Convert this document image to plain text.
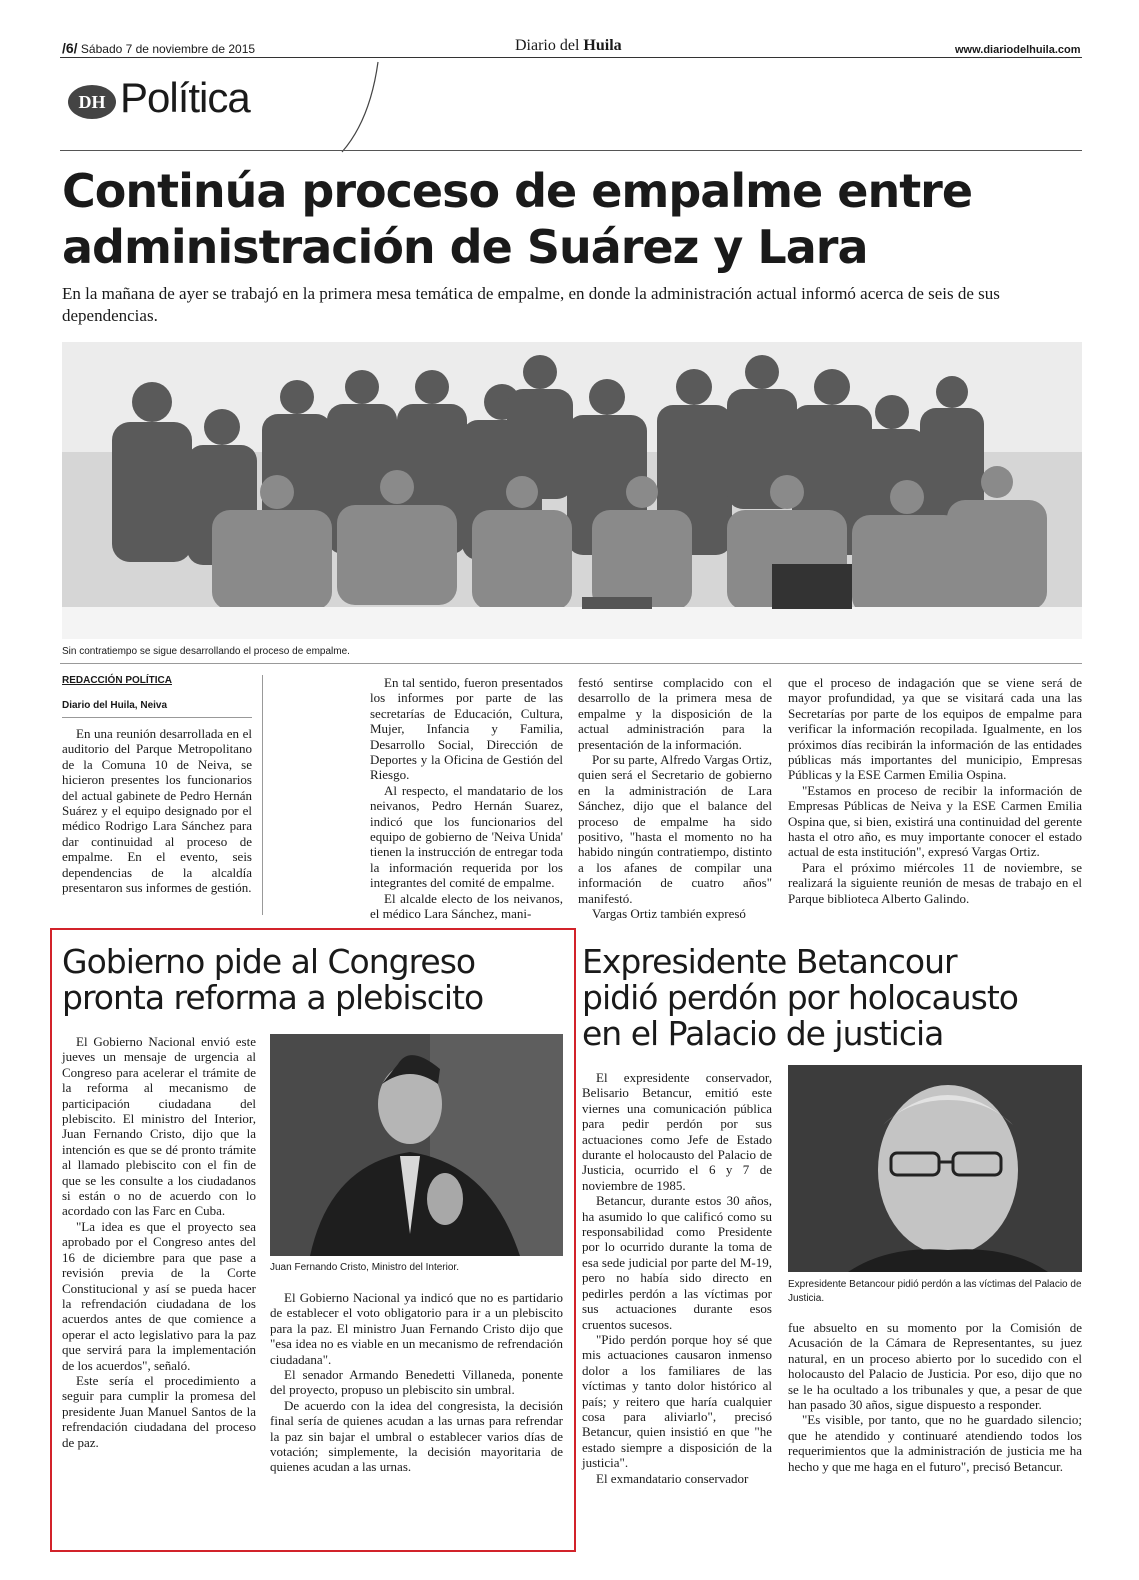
/6/ Sábado 7 de noviembre de 2015	Diario del Huila	www.diariodelhuila.com
DH Política
Continúa proceso de empalme entre
administración de Suárez y Lara
En la mañana de ayer se trabajó en la primera mesa temática de empalme, en donde la administración actual informó acerca de seis de sus dependencias.
Sin contratiempo se sigue desarrollando el proceso de empalme.
REDACCIÓN POLÍTICA
Diario del Huila, Neiva

En una reunión desarrollada en el auditorio del Parque Metropolitano de la Comuna 10 de Neiva, se hicieron presentes los funcionarios del actual gabinete de Pedro Hernán Suárez y el equipo designado por el médico Rodrigo Lara Sánchez para dar continuidad al proceso de empalme. En el evento, seis dependencias de la alcaldía presentaron sus informes de gestión.

En tal sentido, fueron presentados los informes por parte de las secretarías de Educación, Cultura, Mujer, Infancia y Familia, Desarrollo Social, Dirección de Deportes y la Oficina de Gestión del Riesgo.

Al respecto, el mandatario de los neivanos, Pedro Hernán Suarez, indicó que los funcionarios del equipo de gobierno de 'Neiva Unida' tienen la instrucción de entregar toda la información requerida por los integrantes del comité de empalme.

El alcalde electo de los neivanos, el médico Lara Sánchez, mani-

festó sentirse complacido con el desarrollo de la primera mesa de empalme y la disposición de la actual administración para la presentación de la información.

Por su parte, Alfredo Vargas Ortiz, quien será el Secretario de gobierno en la administración de Lara Sánchez, dijo que el balance del proceso de empalme ha sido positivo, "hasta el momento no ha habido ningún contratiempo, distinto a los afanes de compilar una información de cuatro años" manifestó.

Vargas Ortiz también expresó

que el proceso de indagación que se viene será de mayor profundidad, ya que se visitará cada una las Secretarías por parte de los equipos de empalme para verificar la información recopilada. Igualmente, en los próximos días recibirán la información de las entidades públicas más importantes del municipio, Empresas Públicas y la ESE Carmen Emilia Ospina.

"Estamos en proceso de recibir la información de Empresas Públicas de Neiva y la ESE Carmen Emilia Ospina que, si bien, existirá una continuidad del gerente hasta el otro año, es muy importante conocer el estado actual de esta institución", expresó Vargas Ortiz.

Para el próximo miércoles 11 de noviembre, se realizará la siguiente reunión de mesas de trabajo en el Parque biblioteca Alberto Galindo.

Gobierno pide al Congreso
pronta reforma a plebiscito

El Gobierno Nacional envió este jueves un mensaje de urgencia al Congreso para acelerar el trámite de la reforma al mecanismo de participación ciudadana del plebiscito. El ministro del Interior, Juan Fernando Cristo, dijo que la intención es que se dé pronto trámite al llamado plebiscito con el fin de que se les consulte a los ciudadanos si están o no de acuerdo con lo acordado con las Farc en Cuba.

"La idea es que el proyecto sea aprobado por el Congreso antes del 16 de diciembre para que pase a revisión previa de la Corte Constitucional y así se pueda hacer la refrendación ciudadana de los acuerdos antes de que comience a operar el acto legislativo para la paz que servirá para la implementación de los acuerdos", señaló.

Este sería el procedimiento a seguir para cumplir la promesa del presidente Juan Manuel Santos de la refrendación ciudadana del proceso de paz.

Juan Fernando Cristo, Ministro del Interior.

El Gobierno Nacional ya indicó que no es partidario de establecer el voto obligatorio para ir a un plebiscito para la paz. El ministro Juan Fernando Cristo dijo que "esa idea no es viable en un mecanismo de refrendación ciudadana".

El senador Armando Benedetti Villaneda, ponente del proyecto, propuso un plebiscito sin umbral.

De acuerdo con la idea del congresista, la decisión final sería de quienes acudan a las urnas para refrendar la paz sin bajar el umbral o establecer varios días de votación; simplemente, la decisión mayoritaria de quienes acudan a las urnas.

Expresidente Betancour
pidió perdón por holocausto
en el Palacio de justicia

El expresidente conservador, Belisario Betancur, emitió este viernes una comunicación pública para pedir perdón por sus actuaciones como Jefe de Estado durante el holocausto del Palacio de Justicia, ocurrido el 6 y 7 de noviembre de 1985.

Betancur, durante estos 30 años, ha asumido lo que calificó como su responsabilidad como Presidente por lo ocurrido durante la toma de esa sede judicial por parte del M-19, pero no había sido directo en pedirles perdón a las víctimas por sus actuaciones durante esos cruentos sucesos.

"Pido perdón porque hoy sé que mis actuaciones causaron inmenso dolor a los familiares de las víctimas y tanto dolor histórico al país; y reitero que haría cualquier cosa para aliviarlo", precisó Betancur, quien insistió en que "he estado siempre a disposición de la justicia".

El exmandatario conservador

Expresidente Betancour pidió perdón a las víctimas del Palacio de Justicia.

fue absuelto en su momento por la Comisión de Acusación de la Cámara de Representantes, su juez natural, en un proceso abierto por lo sucedido con el holocausto del Palacio de Justicia. Por eso, dijo que no se le ha ocultado a los tribunales y que, a pesar de que han pasado 30 años, sigue dispuesto a responder.

"Es visible, por tanto, que no he guardado silencio; que he atendido y continuaré atendiendo todos los requerimientos que la administración de justicia me ha hecho y que me haga en el futuro", precisó Betancur.
